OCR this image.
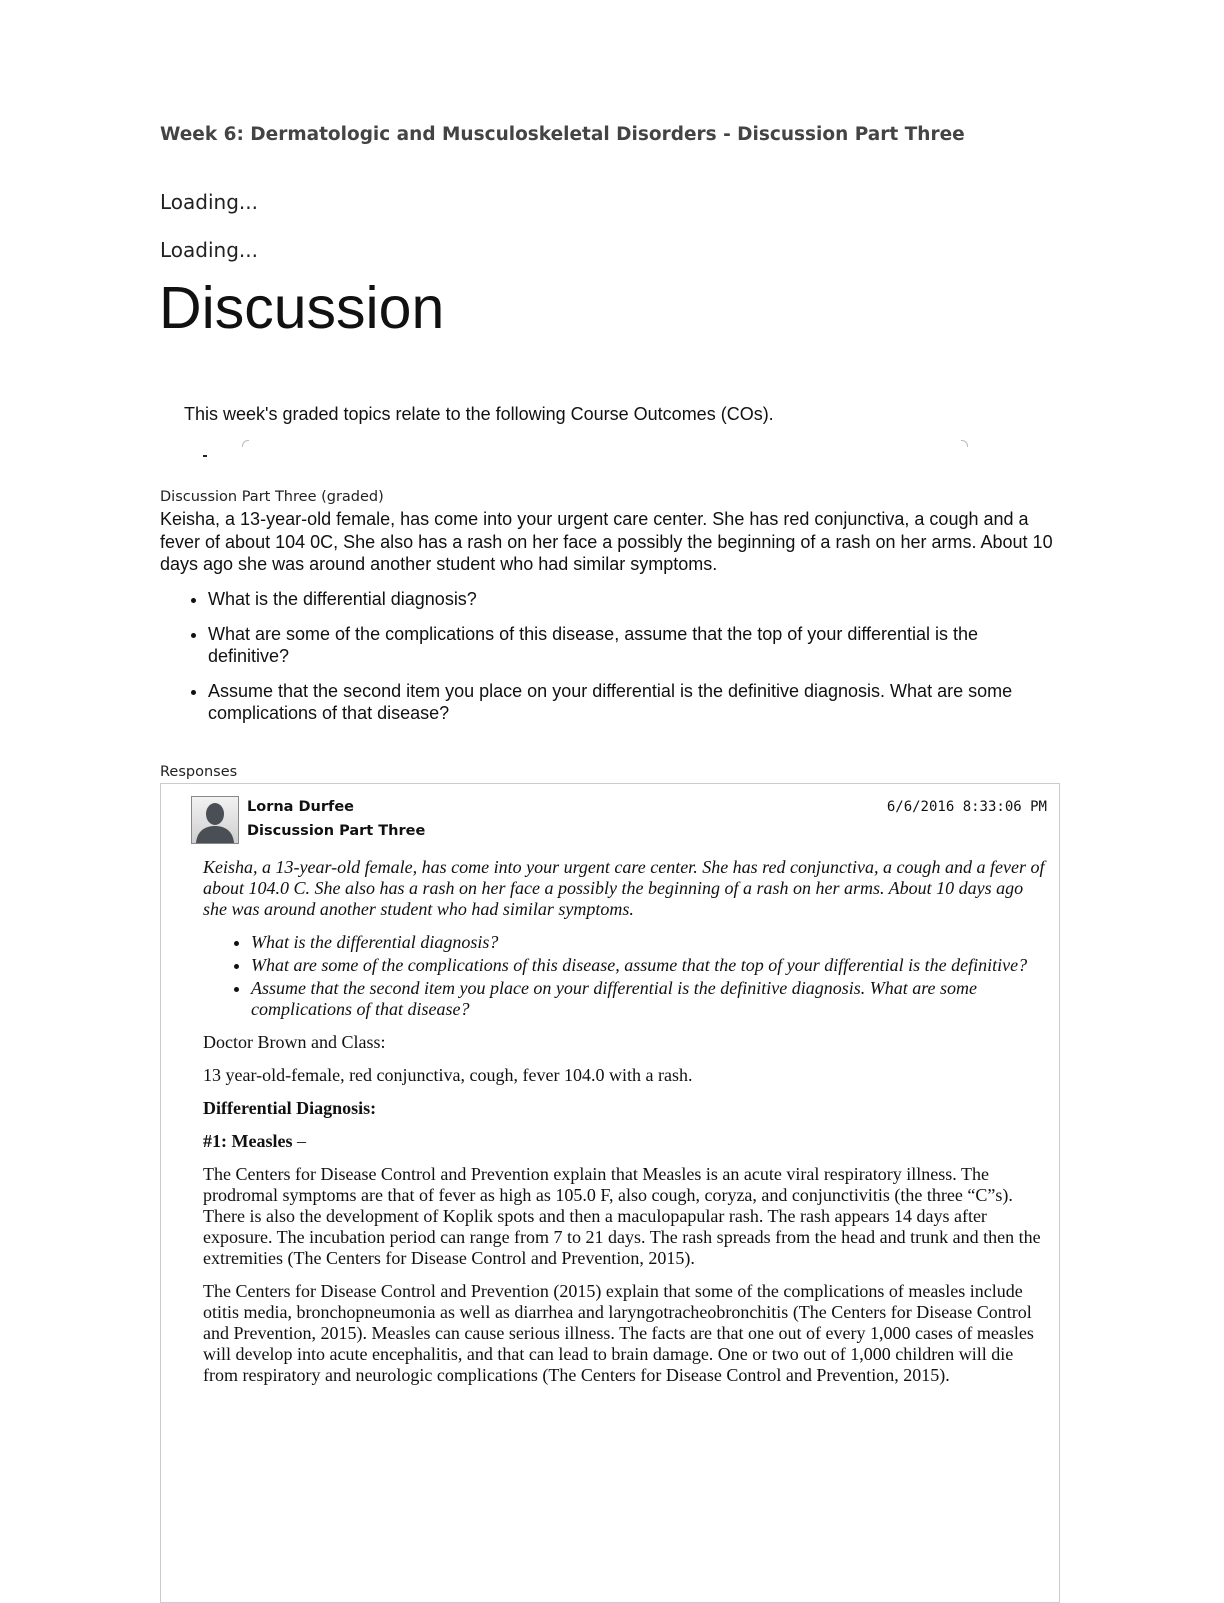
Week 6: Dermatologic and Musculoskeletal Disorders - Discussion Part Three
Loading...
Loading...
Discussion
This week's graded topics relate to the following Course Outcomes (COs).
Discussion Part Three (graded)
Keisha, a 13-year-old female, has come into your urgent care center. She has red conjunctiva, a cough and a fever of about 104 0C, She also has a rash on her face a possibly the beginning of a rash on her arms. About 10 days ago she was around another student who had similar symptoms.
• What is the differential diagnosis?
• What are some of the complications of this disease, assume that the top of your differential is the definitive?
• Assume that the second item you place on your differential is the definitive diagnosis. What are some complications of that disease?
Responses
Lorna Durfee
Discussion Part Three
6/6/2016 8:33:06 PM

Keisha, a 13-year-old female, has come into your urgent care center. She has red conjunctiva, a cough and a fever of about 104.0 C. She also has a rash on her face a possibly the beginning of a rash on her arms. About 10 days ago she was around another student who had similar symptoms.

• What is the differential diagnosis?
• What are some of the complications of this disease, assume that the top of your differential is the definitive?
• Assume that the second item you place on your differential is the definitive diagnosis. What are some complications of that disease?

Doctor Brown and Class:

13 year-old-female, red conjunctiva, cough, fever 104.0 with a rash.

Differential Diagnosis:

#1: Measles –

The Centers for Disease Control and Prevention explain that Measles is an acute viral respiratory illness. The prodromal symptoms are that of fever as high as 105.0 F, also cough, coryza, and conjunctivitis (the three “C”s). There is also the development of Koplik spots and then a maculopapular rash. The rash appears 14 days after exposure. The incubation period can range from 7 to 21 days. The rash spreads from the head and trunk and then the extremities (The Centers for Disease Control and Prevention, 2015).

The Centers for Disease Control and Prevention (2015) explain that some of the complications of measles include otitis media, bronchopneumonia as well as diarrhea and laryngotracheobronchitis (The Centers for Disease Control and Prevention, 2015). Measles can cause serious illness. The facts are that one out of every 1,000 cases of measles will develop into acute encephalitis, and that can lead to brain damage. One or two out of 1,000 children will die from respiratory and neurologic complications (The Centers for Disease Control and Prevention, 2015).
